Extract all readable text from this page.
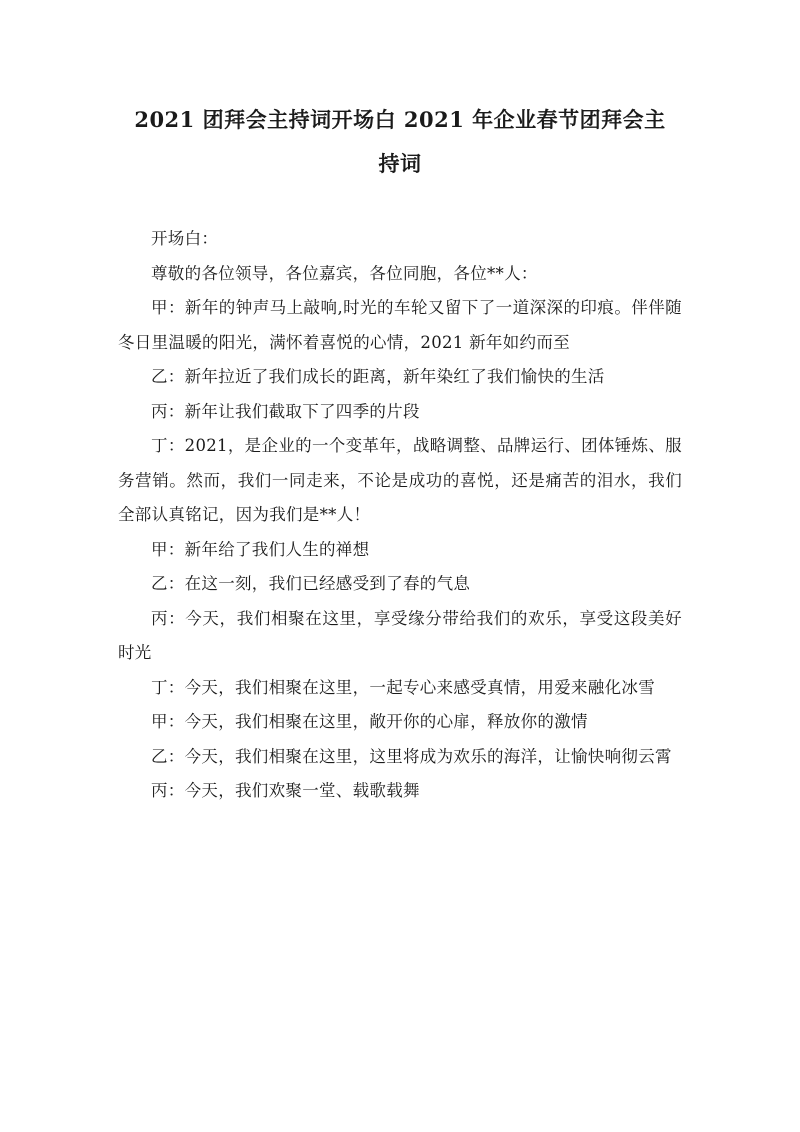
2021 团拜会主持词开场白 2021 年企业春节团拜会主
持词

开场白：

尊敬的各位领导，各位嘉宾，各位同胞，各位**人：

甲：新年的钟声马上敲响,时光的车轮又留下了一道深深的印痕。伴伴随冬日里温暖的阳光，满怀着喜悦的心情，2021 新年如约而至

乙：新年拉近了我们成长的距离，新年染红了我们愉快的生活

丙：新年让我们截取下了四季的片段

丁：2021，是企业的一个变革年，战略调整、品牌运行、团体锤炼、服务营销。然而，我们一同走来，不论是成功的喜悦，还是痛苦的泪水，我们全部认真铭记，因为我们是**人！

甲：新年给了我们人生的禅想

乙：在这一刻，我们已经感受到了春的气息

丙：今天，我们相聚在这里，享受缘分带给我们的欢乐，享受这段美好时光

丁：今天，我们相聚在这里，一起专心来感受真情，用爱来融化冰雪

甲：今天，我们相聚在这里，敞开你的心扉，释放你的激情

乙：今天，我们相聚在这里，这里将成为欢乐的海洋，让愉快响彻云霄

丙：今天，我们欢聚一堂、载歌载舞
